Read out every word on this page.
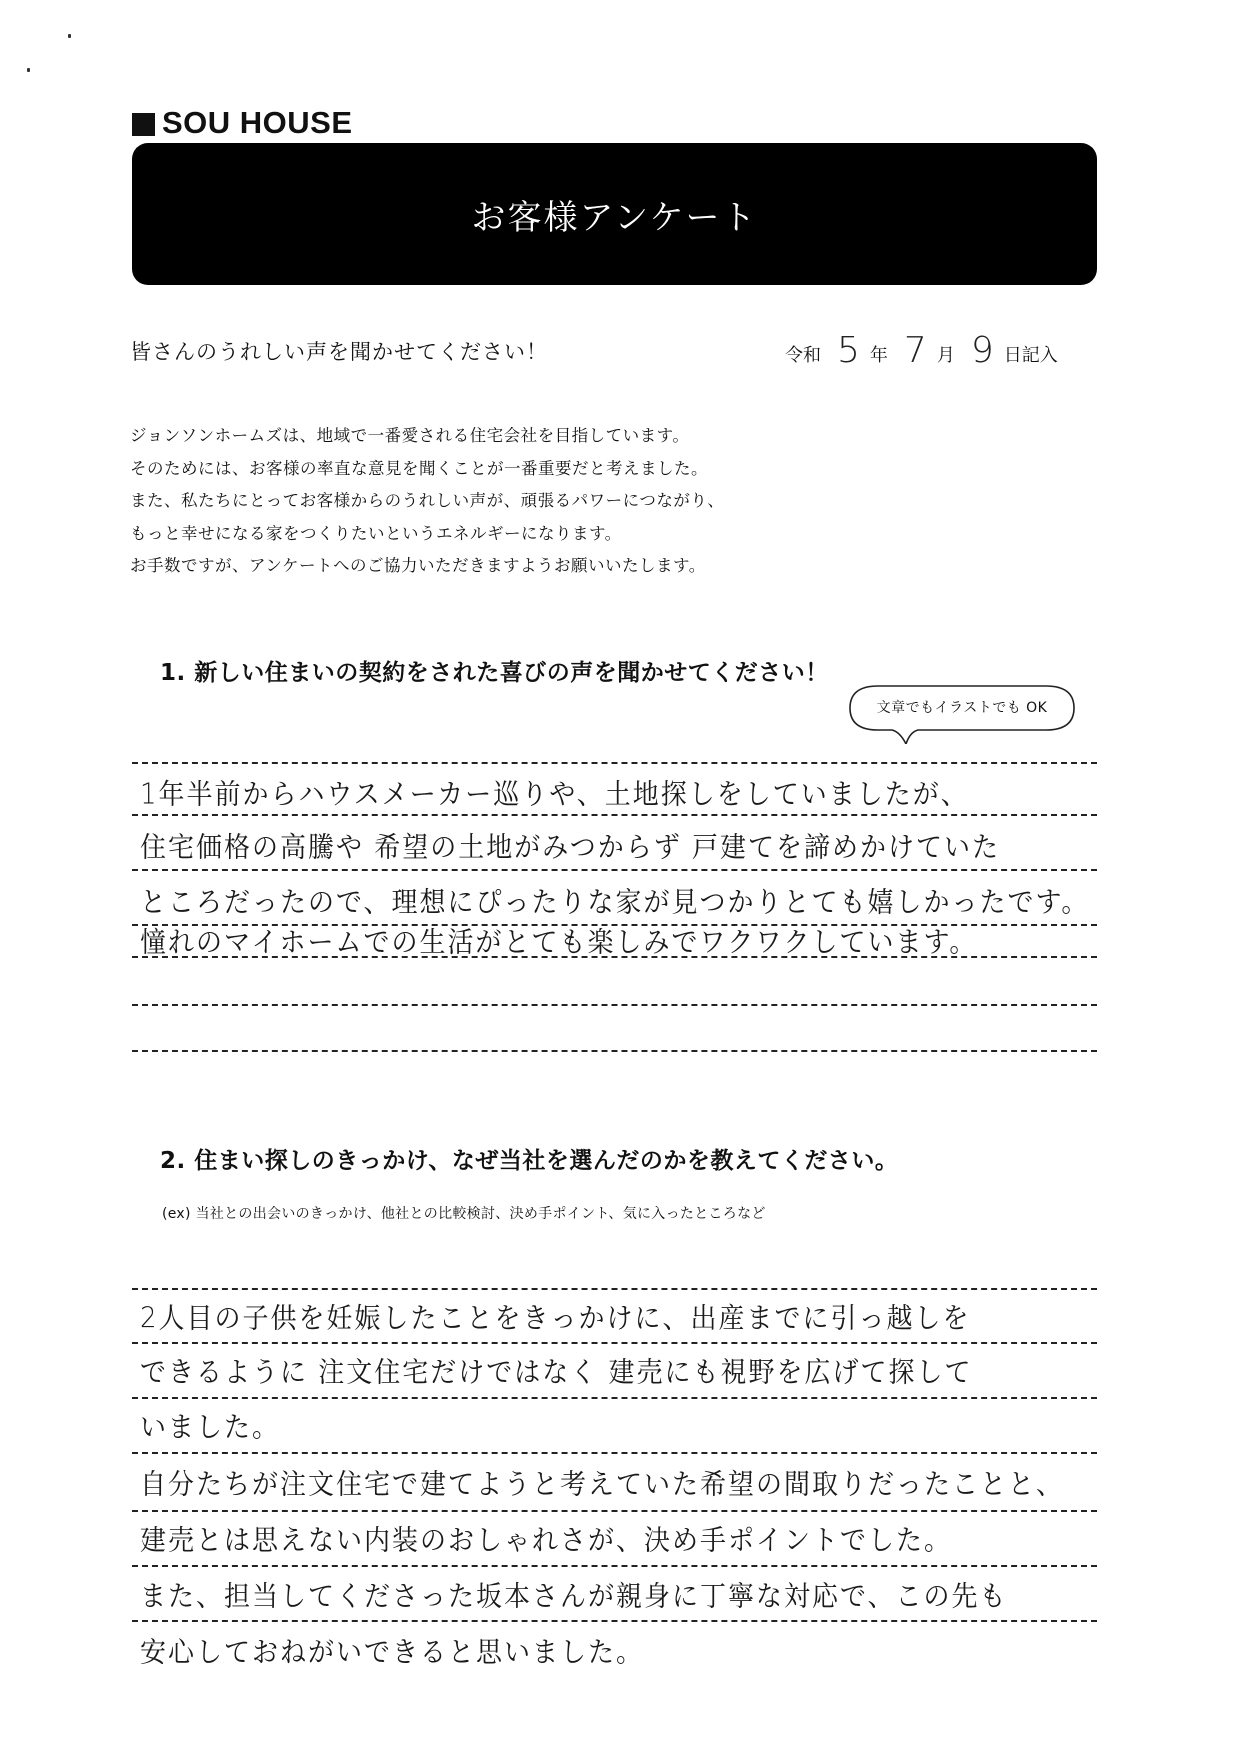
SOU HOUSE
お客様アンケート
皆さんのうれしい声を聞かせてください！	令和 5 年 7 月 9 日記入
ジョンソンホームズは、地域で一番愛される住宅会社を目指しています。
そのためには、お客様の率直な意見を聞くことが一番重要だと考えました。
また、私たちにとってお客様からのうれしい声が、頑張るパワーにつながり、
もっと幸せになる家をつくりたいというエネルギーになります。
お手数ですが、アンケートへのご協力いただきますようお願いいたします。
1. 新しい住まいの契約をされた喜びの声を聞かせてください！
文章でもイラストでも OK
1年半前からハウスメーカー巡りや、土地探しをしていましたが、
住宅価格の高騰や 希望の土地がみつからず 戸建てを諦めかけていた
ところだったので、理想にぴったりな家が見つかりとても嬉しかったです。
憧れのマイホームでの生活がとても楽しみでワクワクしています。
2. 住まい探しのきっかけ、なぜ当社を選んだのかを教えてください。
(ex) 当社との出会いのきっかけ、他社との比較検討、決め手ポイント、気に入ったところなど
2人目の子供を妊娠したことをきっかけに、出産までに引っ越しを
できるように 注文住宅だけではなく 建売にも視野を広げて探して
いました。
自分たちが注文住宅で建てようと考えていた希望の間取りだったことと、
建売とは思えない内装のおしゃれさが、決め手ポイントでした。
また、担当してくださった坂本さんが親身に丁寧な対応で、この先も
安心しておねがいできると思いました。
